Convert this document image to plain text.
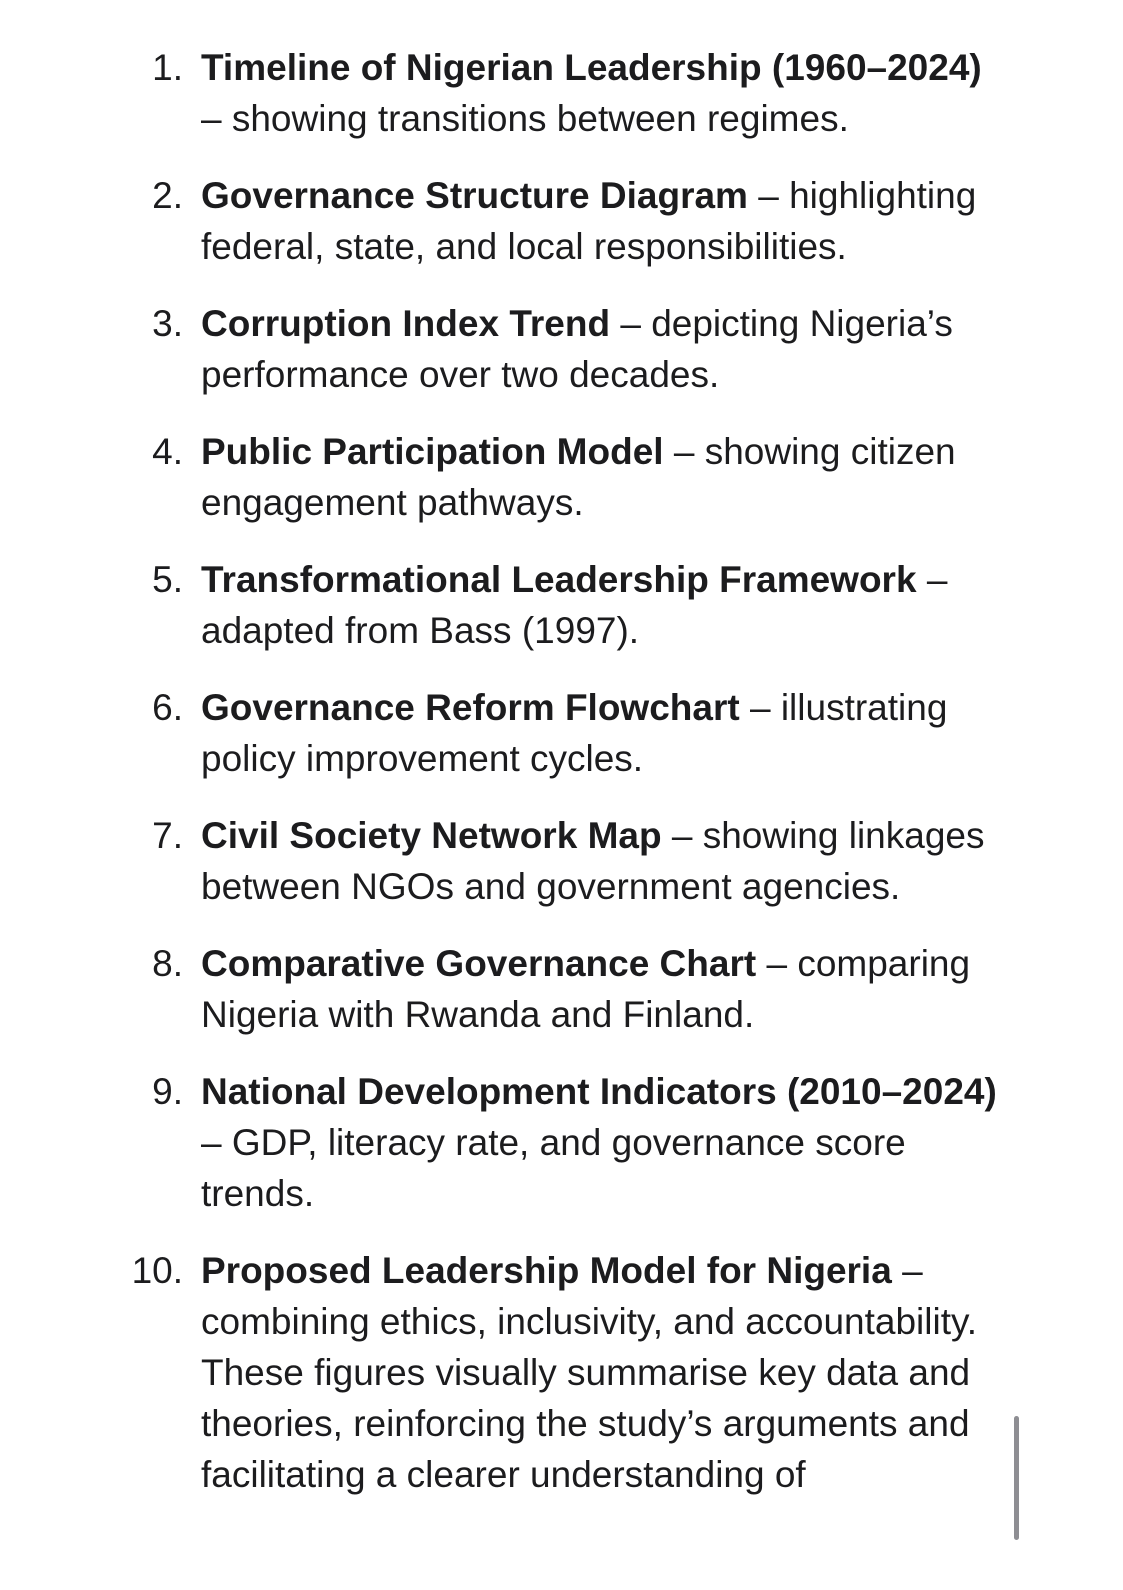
1. Timeline of Nigerian Leadership (1960–2024) – showing transitions between regimes.
2. Governance Structure Diagram – highlighting federal, state, and local responsibilities.
3. Corruption Index Trend – depicting Nigeria’s performance over two decades.
4. Public Participation Model – showing citizen engagement pathways.
5. Transformational Leadership Framework – adapted from Bass (1997).
6. Governance Reform Flowchart – illustrating policy improvement cycles.
7. Civil Society Network Map – showing linkages between NGOs and government agencies.
8. Comparative Governance Chart – comparing Nigeria with Rwanda and Finland.
9. National Development Indicators (2010–2024) – GDP, literacy rate, and governance score trends.
10. Proposed Leadership Model for Nigeria – combining ethics, inclusivity, and accountability.
These figures visually summarise key data and theories, reinforcing the study’s arguments and facilitating a clearer understanding of
